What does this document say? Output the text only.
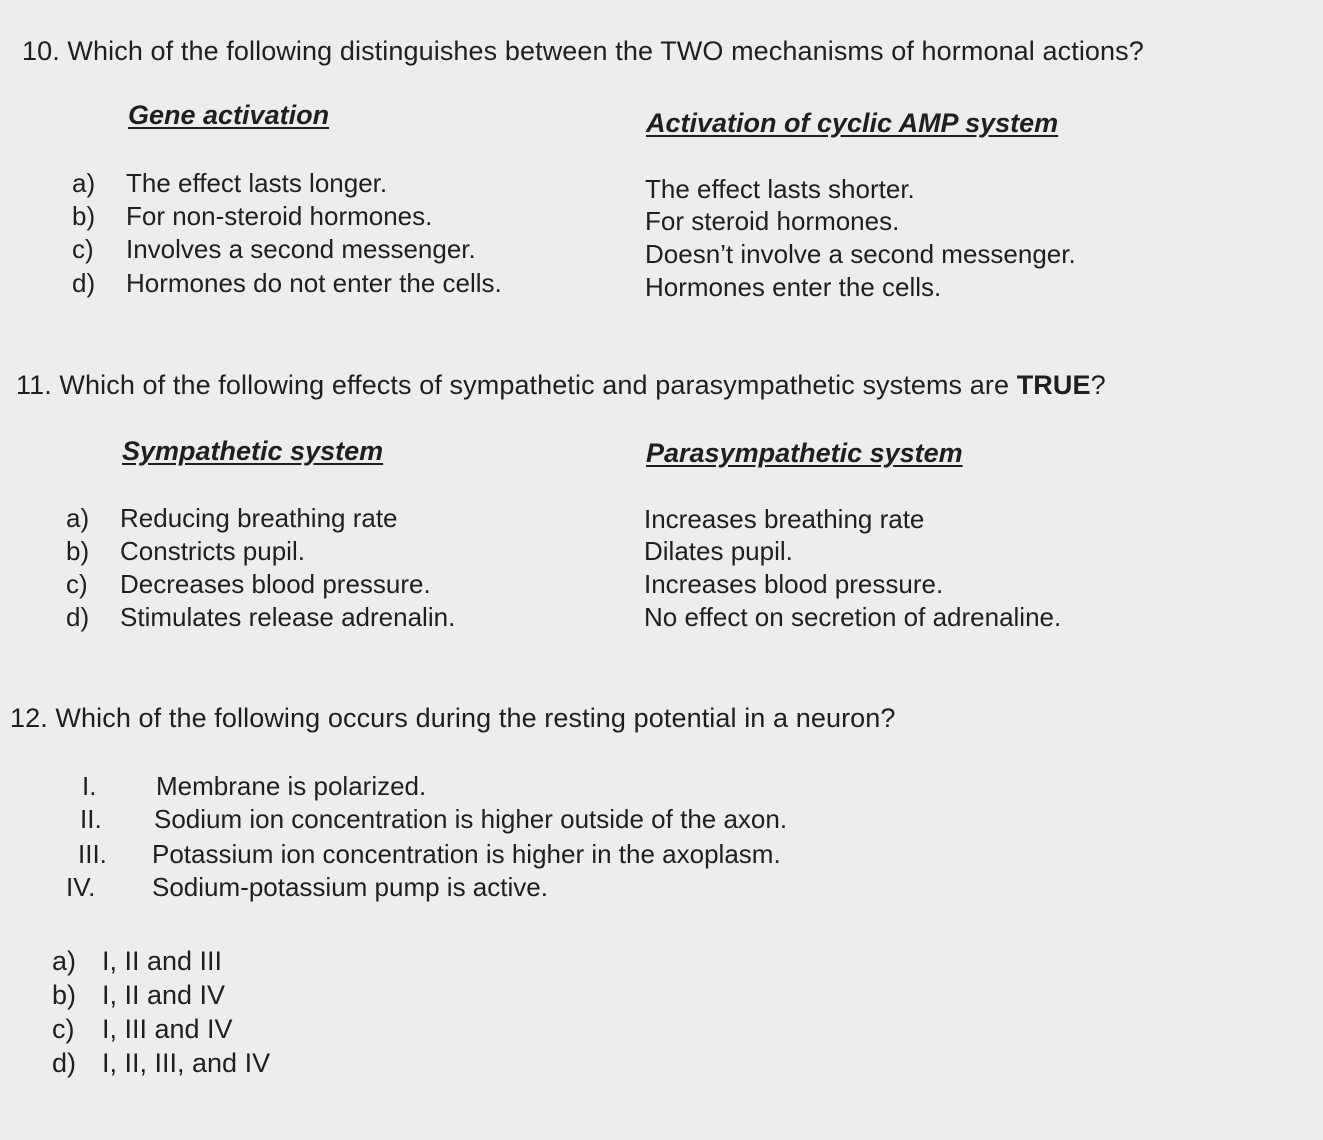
10. Which of the following distinguishes between the TWO mechanisms of hormonal actions?
Gene activation	Activation of cyclic AMP system
a) The effect lasts longer.	The effect lasts shorter.
b) For non-steroid hormones.	For steroid hormones.
c) Involves a second messenger.	Doesn’t involve a second messenger.
d) Hormones do not enter the cells.	Hormones enter the cells.
11. Which of the following effects of sympathetic and parasympathetic systems are TRUE?
Sympathetic system	Parasympathetic system
a) Reducing breathing rate	Increases breathing rate
b) Constricts pupil.	Dilates pupil.
c) Decreases blood pressure.	Increases blood pressure.
d) Stimulates release adrenalin.	No effect on secretion of adrenaline.
12. Which of the following occurs during the resting potential in a neuron?
I. Membrane is polarized.
II. Sodium ion concentration is higher outside of the axon.
III. Potassium ion concentration is higher in the axoplasm.
IV. Sodium-potassium pump is active.
a) I, II and III
b) I, II and IV
c) I, III and IV
d) I, II, III, and IV
